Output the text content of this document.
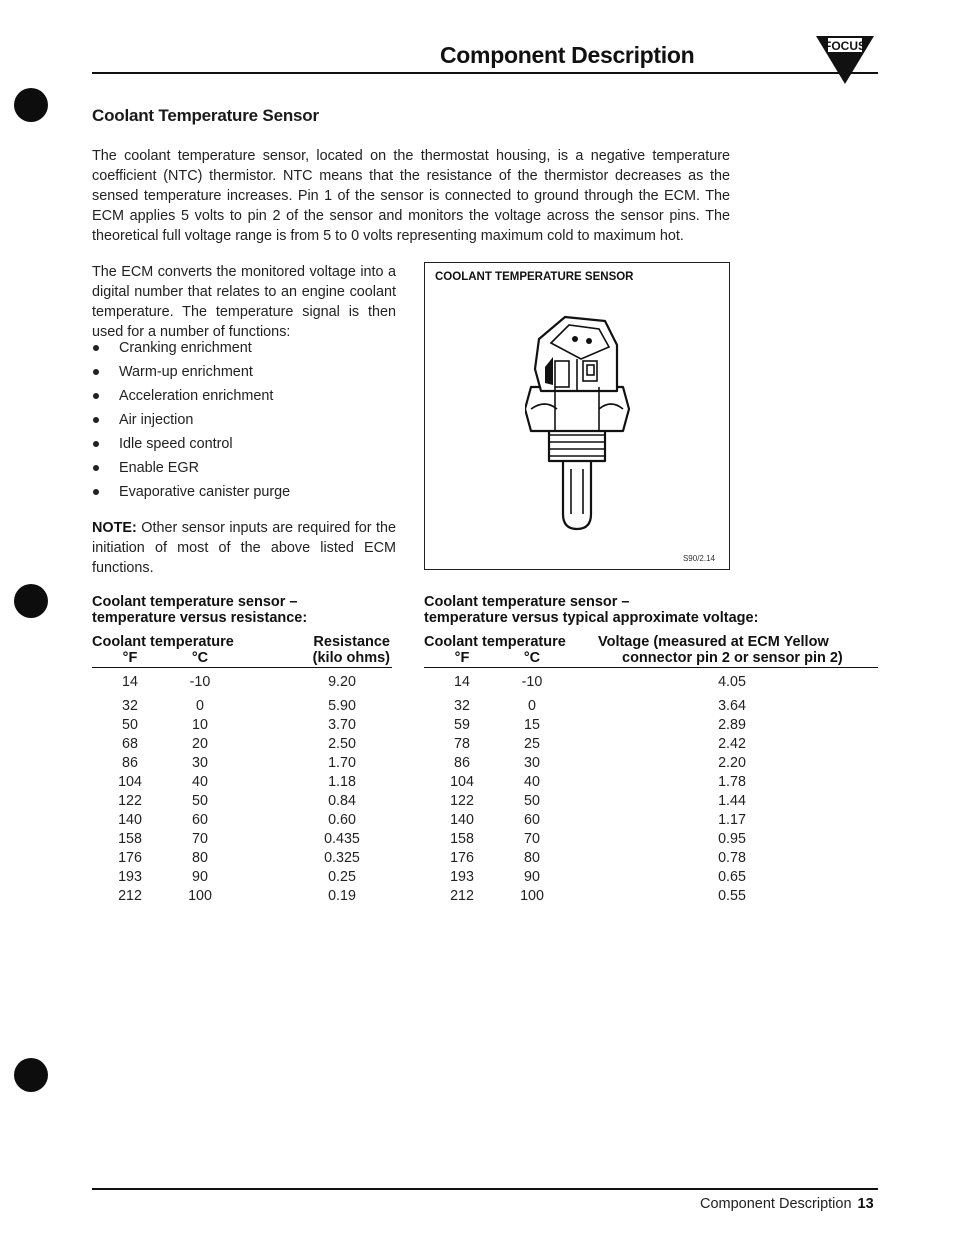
Component Description	FOCUS
Coolant Temperature Sensor
The coolant temperature sensor, located on the thermostat housing, is a negative temperature coefficient (NTC) thermistor. NTC means that the resistance of the thermistor decreases as the sensed temperature increases. Pin 1 of the sensor is connected to ground through the ECM. The ECM applies 5 volts to pin 2 of the sensor and monitors the voltage across the sensor pins. The theoretical full voltage range is from 5 to 0 volts representing maximum cold to maximum hot.
The ECM converts the monitored voltage into a digital number that relates to an engine coolant temperature. The temperature signal is then used for a number of functions:
Cranking enrichment
Warm-up enrichment
Acceleration enrichment
Air injection
Idle speed control
Enable EGR
Evaporative canister purge
NOTE: Other sensor inputs are required for the initiation of most of the above listed ECM functions.
COOLANT TEMPERATURE SENSOR
S90/2.14
Coolant temperature sensor –
temperature versus resistance:
Coolant temperature
°F	°C
Resistance
(kilo ohms)
14	-10	9.20
32	0	5.90
50	10	3.70
68	20	2.50
86	30	1.70
104	40	1.18
122	50	0.84
140	60	0.60
158	70	0.435
176	80	0.325
193	90	0.25
212	100	0.19
Coolant temperature sensor –
temperature versus typical approximate voltage:
Coolant temperature
°F	°C
Voltage (measured at ECM Yellow
connector pin 2 or sensor pin 2)
14	-10	4.05
32	0	3.64
59	15	2.89
78	25	2.42
86	30	2.20
104	40	1.78
122	50	1.44
140	60	1.17
158	70	0.95
176	80	0.78
193	90	0.65
212	100	0.55
Component Description 13
